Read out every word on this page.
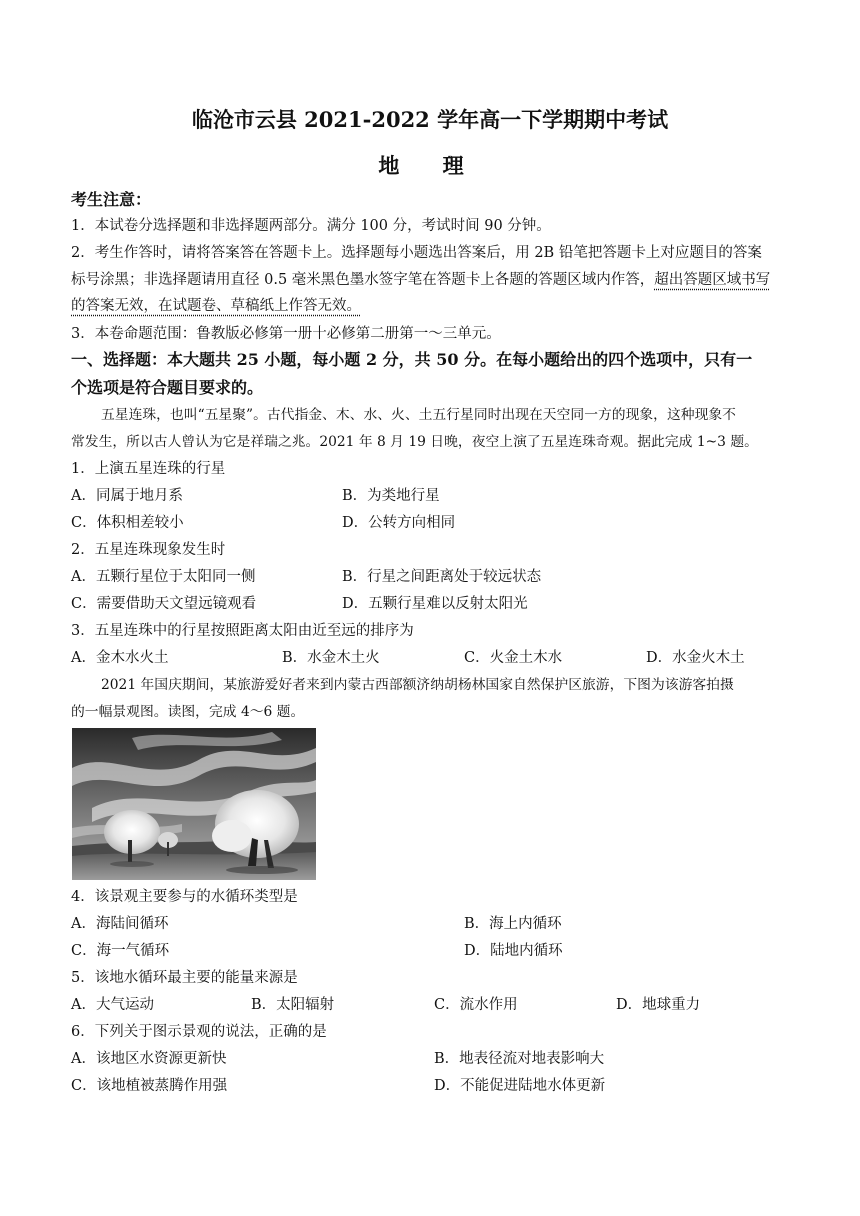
临沧市云县 2021-2022 学年高一下学期期中考试
地 理
考生注意：
1．本试卷分选择题和非选择题两部分。满分 100 分，考试时间 90 分钟。
2．考生作答时，请将答案答在答题卡上。选择题每小题选出答案后，用 2B 铅笔把答题卡上对应题目的答案
标号涂黑；非选择题请用直径 0.5 毫米黑色墨水签字笔在答题卡上各题的答题区域内作答，超出答题区域书写
的答案无效，在试题卷、草稿纸上作答无效。
3．本卷命题范围：鲁教版必修第一册十必修第二册第一～三单元。
一、选择题：本大题共 25 小题，每小题 2 分，共 50 分。在每小题给出的四个选项中，只有一
个选项是符合题目要求的。
五星连珠，也叫“五星聚”。古代指金、木、水、火、土五行星同时出现在天空同一方的现象，这种现象不
常发生，所以古人曾认为它是祥瑞之兆。2021 年 8 月 19 日晚，夜空上演了五星连珠奇观。据此完成 1~3 题。
1．上演五星连珠的行星
A．同属于地月系	B．为类地行星
C．体积相差较小	D．公转方向相同
2．五星连珠现象发生时
A．五颗行星位于太阳同一侧	B．行星之间距离处于较远状态
C．需要借助天文望远镜观看	D．五颗行星难以反射太阳光
3．五星连珠中的行星按照距离太阳由近至远的排序为
A．金木水火土	B．水金木土火	C．火金土木水	D．水金火木土
2021 年国庆期间，某旅游爱好者来到内蒙古西部额济纳胡杨林国家自然保护区旅游，下图为该游客拍摄
的一幅景观图。读图，完成 4～6 题。
4．该景观主要参与的水循环类型是
A．海陆间循环	B．海上内循环
C．海一气循环	D．陆地内循环
5．该地水循环最主要的能量来源是
A．大气运动	B．太阳辐射	C．流水作用	D．地球重力
6．下列关于图示景观的说法，正确的是
A．该地区水资源更新快	B．地表径流对地表影响大
C．该地植被蒸腾作用强	D．不能促进陆地水体更新
